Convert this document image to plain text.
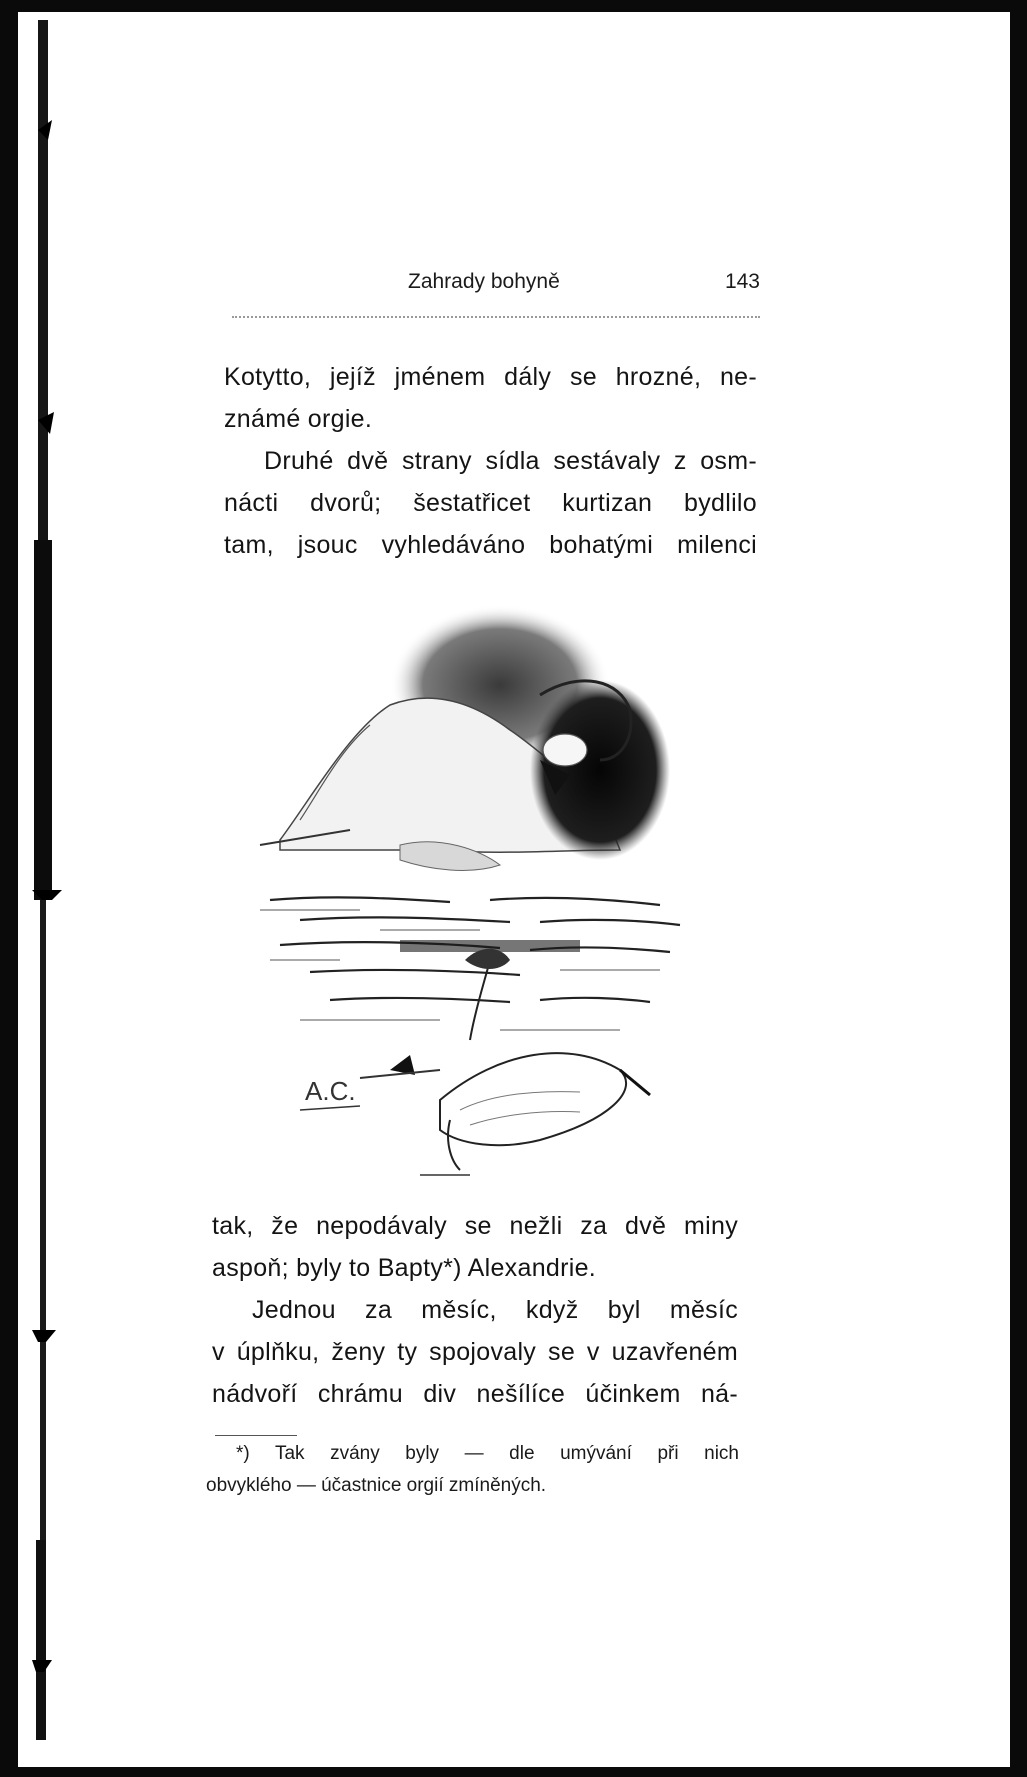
Zahrady bohyně	143
Kotytto, jejíž jménem dály se hrozné, ne-
známé orgie.
Druhé dvě strany sídla sestávaly z osm-
nácti dvorů; šestatřicet kurtizan bydlilo
tam, jsouc vyhledáváno bohatými milenci
A.C.
tak, že nepodávaly se nežli za dvě miny
aspoň; byly to Bapty*) Alexandrie.
Jednou za měsíc, když byl měsíc
v úplňku, ženy ty spojovaly se v uzavřeném
nádvoří chrámu div nešílíce účinkem ná-
*) Tak zvány byly — dle umývání při nich
obvyklého — účastnice orgií zmíněných.
